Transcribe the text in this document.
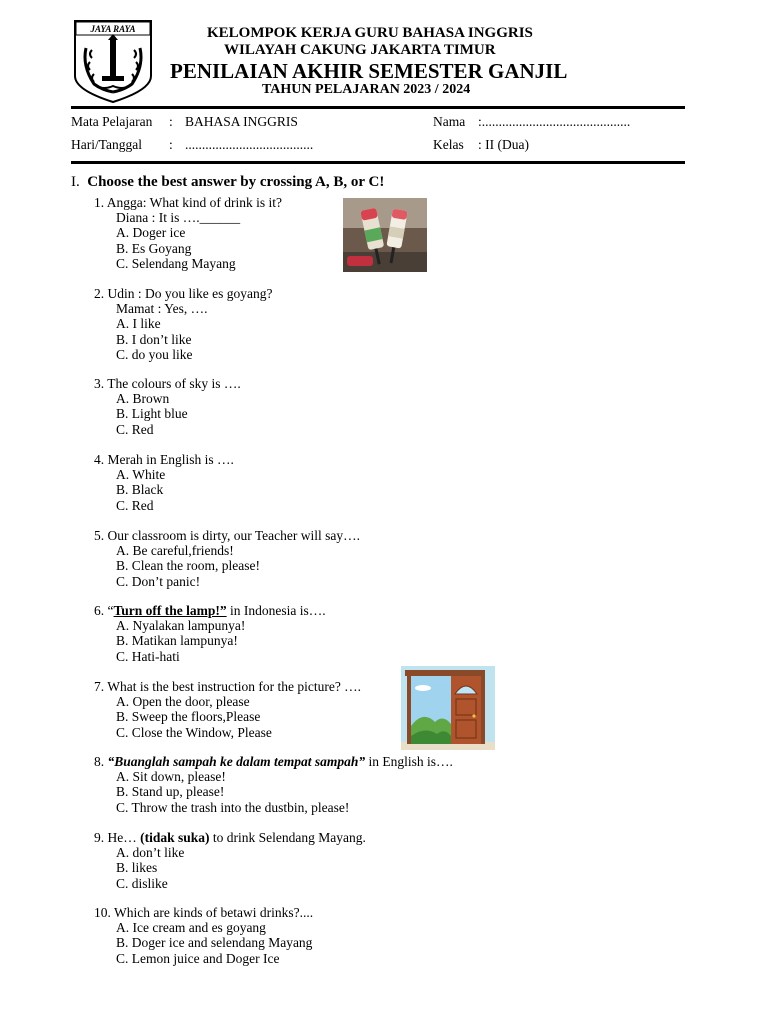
JAYA RAYA	KELOMPOK KERJA GURU BAHASA INGGRIS
WILAYAH CAKUNG JAKARTA TIMUR
PENILAIAN AKHIR SEMESTER GANJIL
TAHUN PELAJARAN 2023 / 2024
Mata Pelajaran : BAHASA INGGRIS	Nama :............................................
Hari/Tanggal : ......................................	Kelas : II (Dua)
I. Choose the best answer by crossing A, B, or C!
1. Angga: What kind of drink is it?
Diana : It is ….______
A. Doger ice
B. Es Goyang
C. Selendang Mayang
2. Udin : Do you like es goyang?
Mamat : Yes, ….
A. I like
B. I don’t like
C. do you like
3. The colours of sky is ….
A. Brown
B. Light blue
C. Red
4. Merah in English is ….
A. White
B. Black
C. Red
5. Our classroom is dirty, our Teacher will say….
A. Be careful,friends!
B. Clean the room, please!
C. Don’t panic!
6. “Turn off the lamp!” in Indonesia is….
A. Nyalakan lampunya!
B. Matikan lampunya!
C. Hati-hati
7. What is the best instruction for the picture? ….
A. Open the door, please
B. Sweep the floors,Please
C. Close the Window, Please
8. “Buanglah sampah ke dalam tempat sampah” in English is….
A. Sit down, please!
B. Stand up, please!
C. Throw the trash into the dustbin, please!
9. He… (tidak suka) to drink Selendang Mayang.
A. don’t like
B. likes
C. dislike
10. Which are kinds of betawi drinks?....
A. Ice cream and es goyang
B. Doger ice and selendang Mayang
C. Lemon juice and Doger Ice
